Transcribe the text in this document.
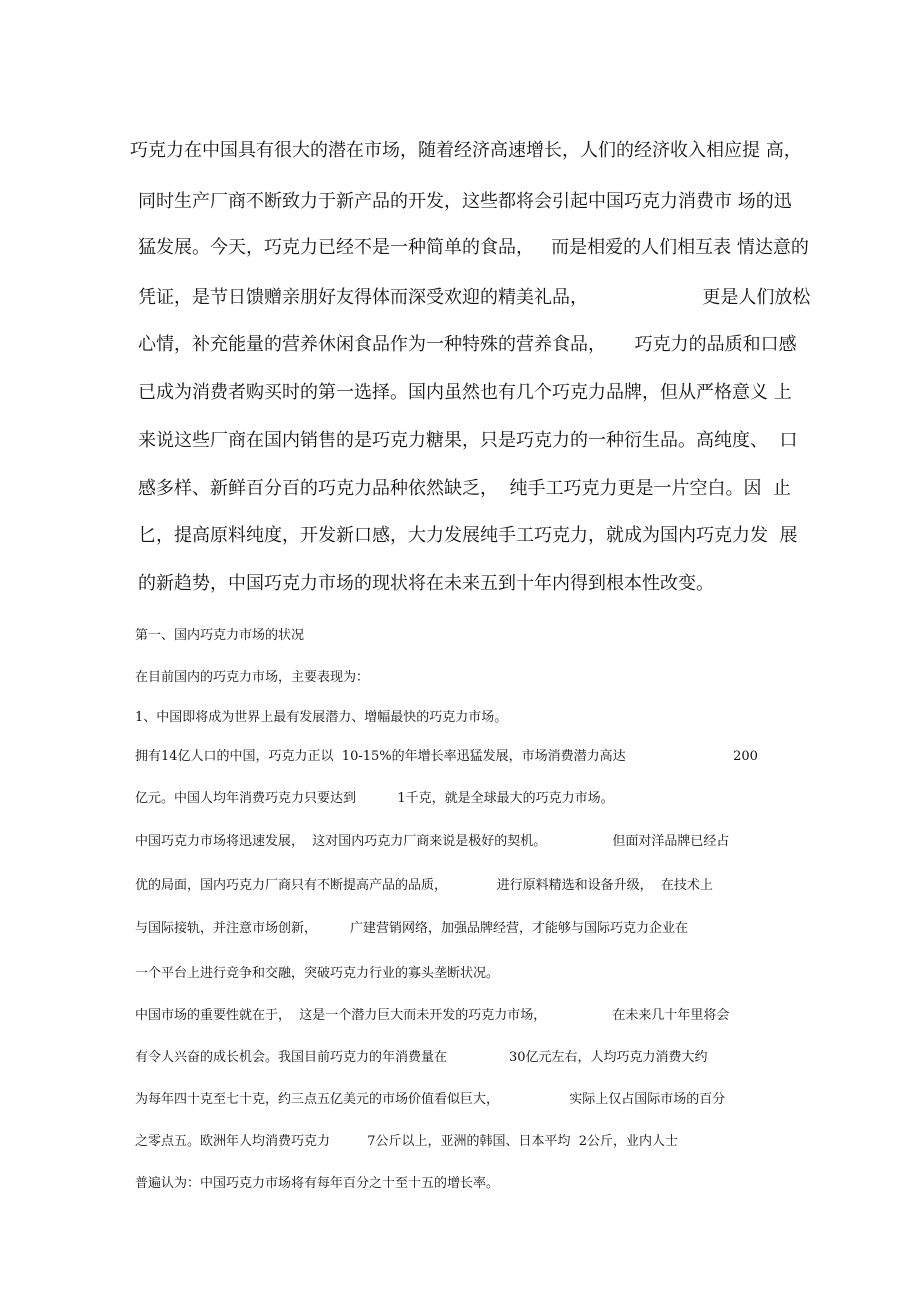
巧克力在中国具有很大的潜在市场，随着经济高速增长，人们的经济收入相应提 高，
同时生产厂商不断致力于新产品的开发，这些都将会引起中国巧克力消费市 场的迅
猛发展。今天，巧克力已经不是一种简单的食品，   而是相爱的人们相互表 情达意的
凭证，是节日馈赠亲朋好友得体而深受欢迎的精美礼品，                    更是人们放松
心情，补充能量的营养休闲食品作为一种特殊的营养食品，     巧克力的品质和口感
已成为消费者购买时的第一选择。国内虽然也有几个巧克力品牌，但从严格意义 上
来说这些厂商在国内销售的是巧克力糖果，只是巧克力的一种衍生品。高纯度、  口
感多样、新鲜百分百的巧克力品种依然缺乏，  纯手工巧克力更是一片空白。因  止
匕，提高原料纯度，开发新口感，大力发展纯手工巧克力，就成为国内巧克力发  展
的新趋势，中国巧克力市场的现状将在未来五到十年内得到根本性改变。
第一、国内巧克力市场的状况
在目前国内的巧克力市场，主要表现为：
1、中国即将成为世界上最有发展潜力、增幅最快的巧克力市场。
拥有14亿人口的中国，巧克力正以  10-15%的年增长率迅猛发展，市场消费潜力高达                          200
亿元。中国人均年消费巧克力只要达到          1千克，就是全球最大的巧克力市场。
中国巧克力市场将迅速发展，  这对国内巧克力厂商来说是极好的契机。                但面对洋品牌已经占
优的局面，国内巧克力厂商只有不断提高产品的品质，            进行原料精选和设备升级，  在技术上
与国际接轨，并注意市场创新，        广建营销网络，加强品牌经营，才能够与国际巧克力企业在
一个平台上进行竞争和交融，突破巧克力行业的寡头垄断状况。
中国市场的重要性就在于，  这是一个潜力巨大而未开发的巧克力市场，                在未来几十年里将会
有令人兴奋的成长机会。我国目前巧克力的年消费量在               30亿元左右，人均巧克力消费大约
为每年四十克至七十克，约三点五亿美元的市场价值看似巨大，                 实际上仅占国际市场的百分
之零点五。欧洲年人均消费巧克力         7公斤以上，亚洲的韩国、日本平均  2公斤，业内人士
普遍认为：中国巧克力市场将有每年百分之十至十五的增长率。
